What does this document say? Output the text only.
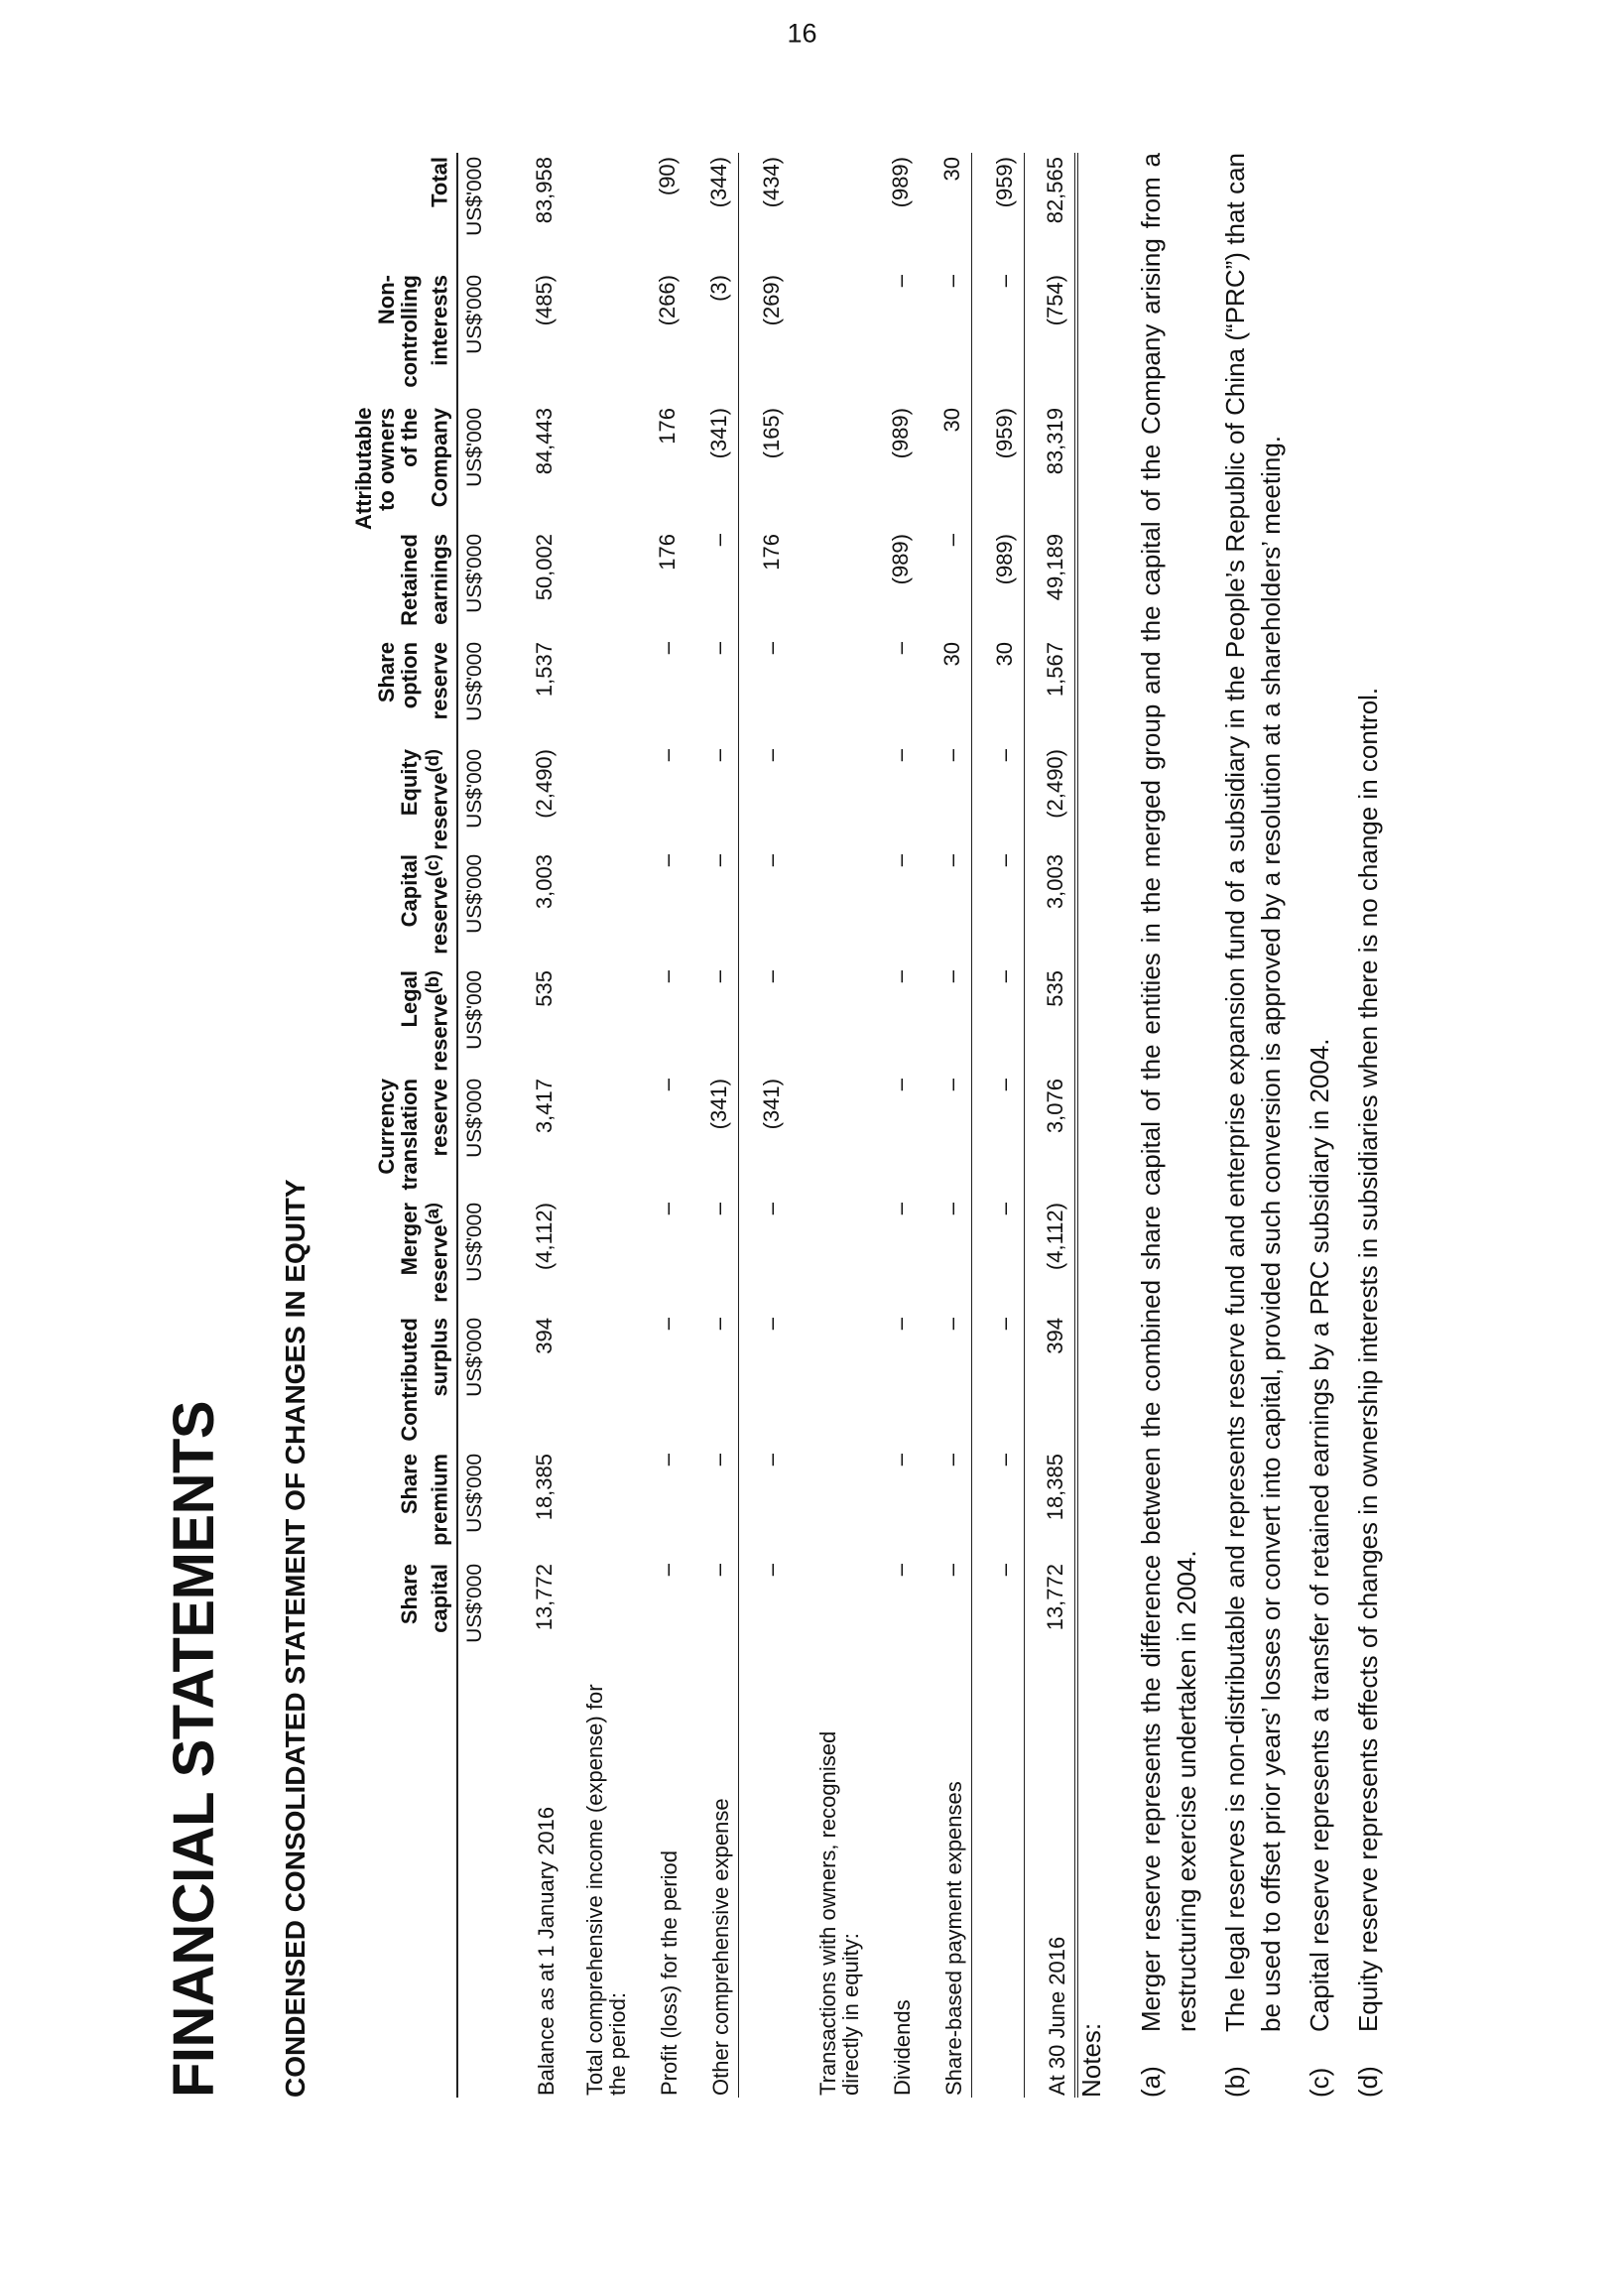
16
FINANCIAL STATEMENTS CONDENSED CONSOLIDATED STATEMENT OF CHANGES IN EQUITY
		Share capital	Share premium	Contributed surplus	Merger reserve$^{(a)}$	Currency translation reserve	Legal reserve$^{(b)}$	Capital reserve$^{(c)}$	Equity reserve$^{(d)}$	Share option reserve	Retained earnings	Attributable to owners of the Company	Non-controlling interests	Total
	US$'000	US$'000	US$'000	US$'000	US$'000	US$'000	US$'000	US$'000	US$'000	US$'000	US$'000	US$'000	US$'000
Balance as at 1 January 2016	13,772	18,385	394	(4,112)	3,417	535	3,003	(2,490)	1,537	50,002	84,443	(485)	83,958
Total comprehensive income (expense) for the period:													
Profit (loss) for the period	–	–	–	–	–	–	–	–	–	176	176	(266)	(90)
Other comprehensive expense	–	–	–	–	(341)	–	–	–	–	–	(341)	(3)	(344)
	–	–	–	–	(341)	–	–	–	–	176	(165)	(269)	(434)
Transactions with owners, recognised directly in equity:													
Dividends	–	–	–	–	–	–	–	–	–	(989)	(989)	–	(989)
Share-based payment expenses	–	–	–	–	–	–	–	–	30	–	30	–	30
	–	–	–	–	–	–	–	–	30	(989)	(959)	–	(959)
At 30 June 2016	13,772	18,385	394	(4,112)	3,076	535	3,003	(2,490)	1,567	49,189	83,319	(754)	82,565
Notes: (a)
Merger reserve represents the difference between the combined share capital of the entities in the merged group and the capital of the Company arising from a restructuring exercise undertaken in 2004.
(b)
The legal reserves is non-distributable and represents reserve fund and enterprise expansion fund of a subsidiary in the People’s Republic of China (“PRC”) that can be used to offset prior years’ losses or convert into capital, provided such conversion is approved by a resolution at a shareholders’ meeting.
(c)
Capital reserve represents a transfer of retained earnings by a PRC subsidiary in 2004.
(d)
Equity reserve represents effects of changes in ownership interests in subsidiaries when there is no change in control.
